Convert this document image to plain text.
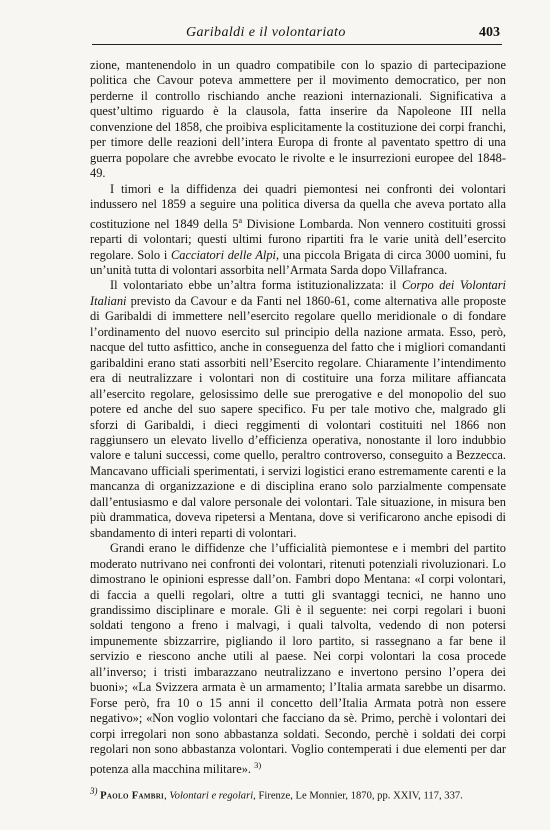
Garibaldi e il volontariato	403

zione, mantenendolo in un quadro compatibile con lo spazio di partecipazione politica che Cavour poteva ammettere per il movimento democratico, per non perderne il controllo rischiando anche reazioni internazionali. Significativa a quest’ultimo riguardo è la clausola, fatta inserire da Napoleone III nella convenzione del 1858, che proibiva esplicitamente la costituzione dei corpi franchi, per timore delle reazioni dell’intera Europa di fronte al paventato spettro di una guerra popolare che avrebbe evocato le rivolte e le insurrezioni europee del 1848-49.

I timori e la diffidenza dei quadri piemontesi nei confronti dei volontari indussero nel 1859 a seguire una politica diversa da quella che aveva portato alla costituzione nel 1849 della 5$^a$ Divisione Lombarda. Non vennero costituiti grossi reparti di volontari; questi ultimi furono ripartiti fra le varie unità dell’esercito regolare. Solo i Cacciatori delle Alpi, una piccola Brigata di circa 3000 uomini, fu un’unità tutta di volontari assorbita nell’Armata Sarda dopo Villafranca.

Il volontariato ebbe un’altra forma istituzionalizzata: il Corpo dei Volontari Italiani previsto da Cavour e da Fanti nel 1860-61, come alternativa alle proposte di Garibaldi di immettere nell’esercito regolare quello meridionale o di fondare l’ordinamento del nuovo esercito sul principio della nazione armata. Esso, però, nacque del tutto asfittico, anche in conseguenza del fatto che i migliori comandanti garibaldini erano stati assorbiti nell’Esercito regolare. Chiaramente l’intendimento era di neutralizzare i volontari non di costituire una forza militare affiancata all’esercito regolare, gelosissimo delle sue prerogative e del monopolio del suo potere ed anche del suo sapere specifico. Fu per tale motivo che, malgrado gli sforzi di Garibaldi, i dieci reggimenti di volontari costituiti nel 1866 non raggiunsero un elevato livello d’efficienza operativa, nonostante il loro indubbio valore e taluni successi, come quello, peraltro controverso, conseguito a Bezzecca. Mancavano ufficiali sperimentati, i servizi logistici erano estremamente carenti e la mancanza di organizzazione e di disciplina erano solo parzialmente compensate dall’entusiasmo e dal valore personale dei volontari. Tale situazione, in misura ben più drammatica, doveva ripetersi a Mentana, dove si verificarono anche episodi di sbandamento di interi reparti di volontari.

Grandi erano le diffidenze che l’ufficialità piemontese e i membri del partito moderato nutrivano nei confronti dei volontari, ritenuti potenziali rivoluzionari. Lo dimostrano le opinioni espresse dall’on. Fambri dopo Mentana: «I corpi volontari, di faccia a quelli regolari, oltre a tutti gli svantaggi tecnici, ne hanno uno grandissimo disciplinare e morale. Gli è il seguente: nei corpi regolari i buoni soldati tengono a freno i malvagi, i quali talvolta, vedendo di non potersi impunemente sbizzarrire, pigliando il loro partito, si rassegnano a far bene il servizio e riescono anche utili al paese. Nei corpi volontari la cosa procede all’inverso; i tristi imbarazzano neutralizzano e invertono persino l’opera dei buoni»; «La Svizzera armata è un armamento; l’Italia armata sarebbe un disarmo. Forse però, fra 10 o 15 anni il concetto dell’Italia Armata potrà non essere negativo»; «Non voglio volontari che facciano da sè. Primo, perchè i volontari dei corpi irregolari non sono abbastanza soldati. Secondo, perchè i soldati dei corpi regolari non sono abbastanza volontari. Voglio contemperati i due elementi per dar potenza alla macchina militare». $^{3)}$

$^{3)}$ Paolo Fambri, Volontari e regolari, Firenze, Le Monnier, 1870, pp. XXIV, 117, 337.
